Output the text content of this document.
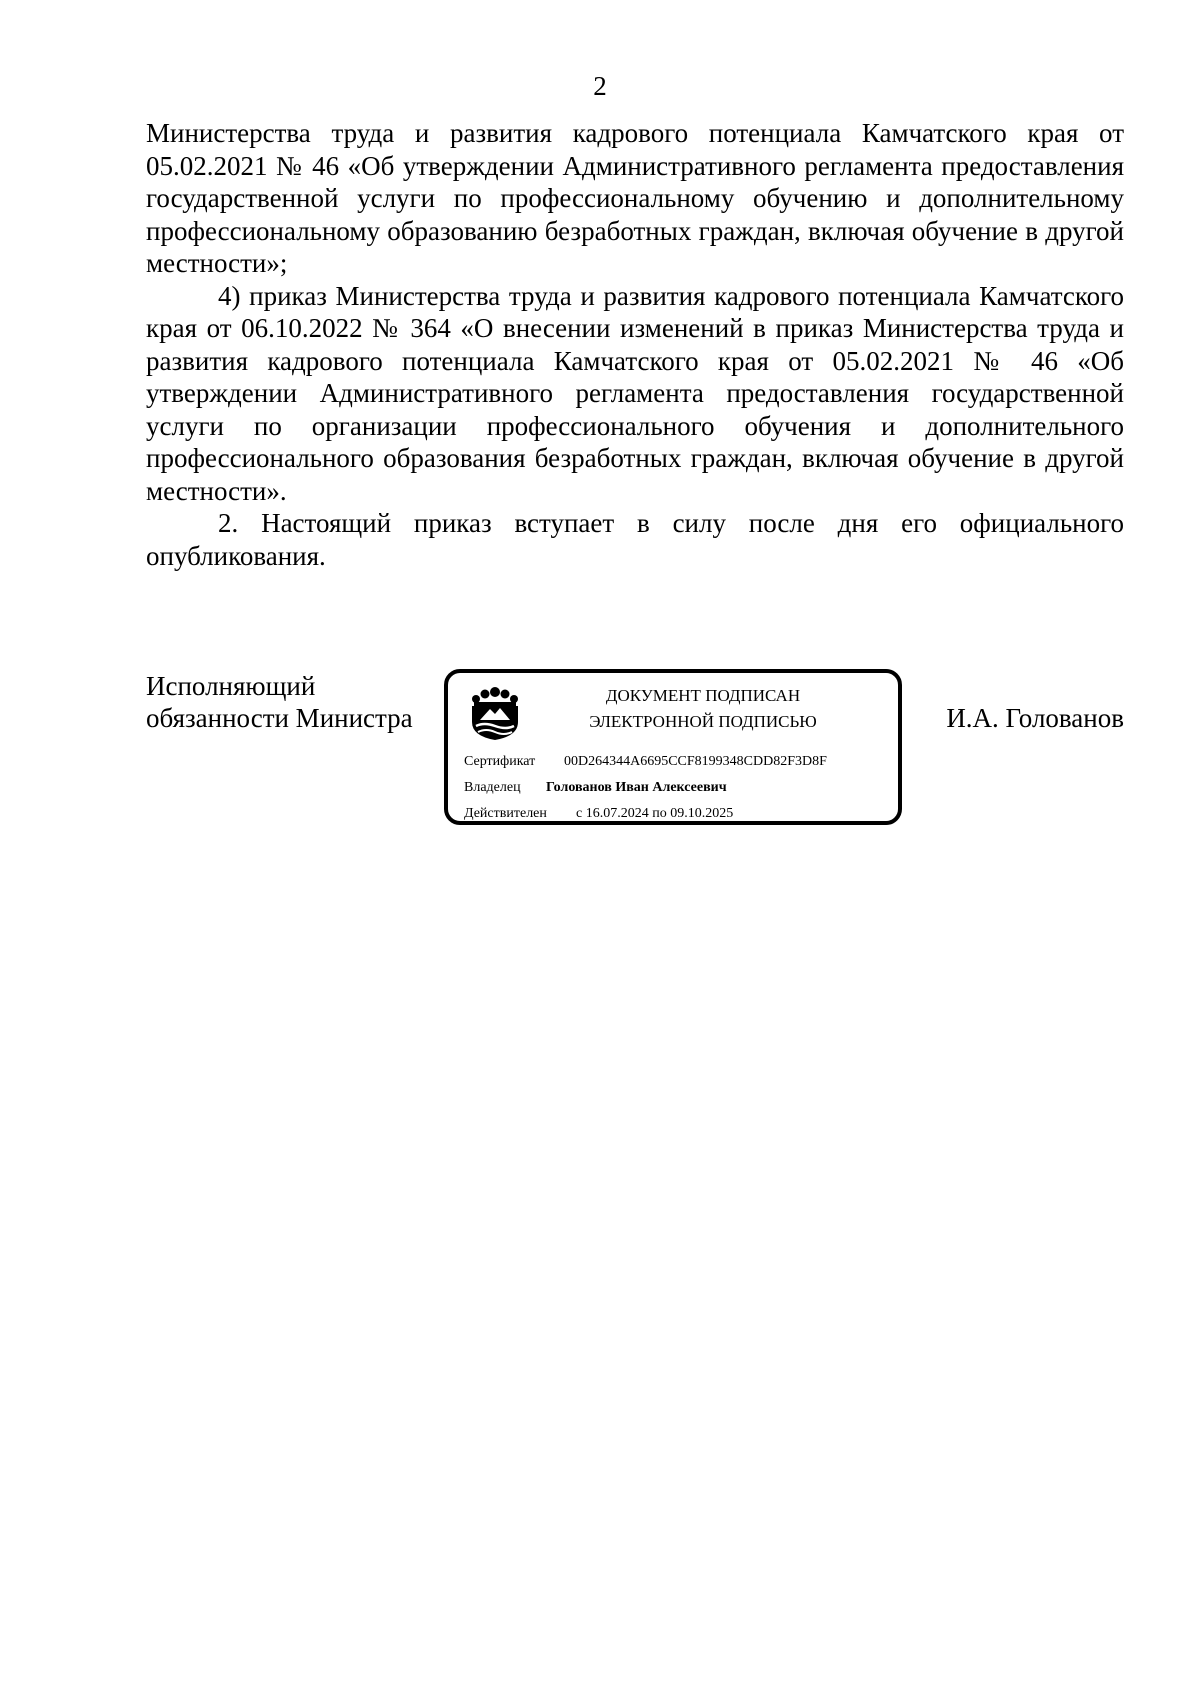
2

Министерства труда и развития кадрового потенциала Камчатского края от 05.02.2021 № 46 «Об утверждении Административного регламента предоставления государственной услуги по профессиональному обучению и дополнительному профессиональному образованию безработных граждан, включая обучение в другой местности»;

4) приказ Министерства труда и развития кадрового потенциала Камчатского края от 06.10.2022 № 364 «О внесении изменений в приказ Министерства труда и развития кадрового потенциала Камчатского края от 05.02.2021 № 46 «Об утверждении Административного регламента предоставления государственной услуги по организации профессионального обучения и дополнительного профессионального образования безработных граждан, включая обучение в другой местности».

2. Настоящий приказ вступает в силу после дня его официального опубликования.

Исполняющий
обязанности Министра
ДОКУМЕНТ ПОДПИСАН
ЭЛЕКТРОННОЙ ПОДПИСЬЮ
Сертификат 00D264344A6695CCF8199348CDD82F3D8F
Владелец Голованов Иван Алексеевич
Действителен с 16.07.2024 по 09.10.2025
И.А. Голованов
